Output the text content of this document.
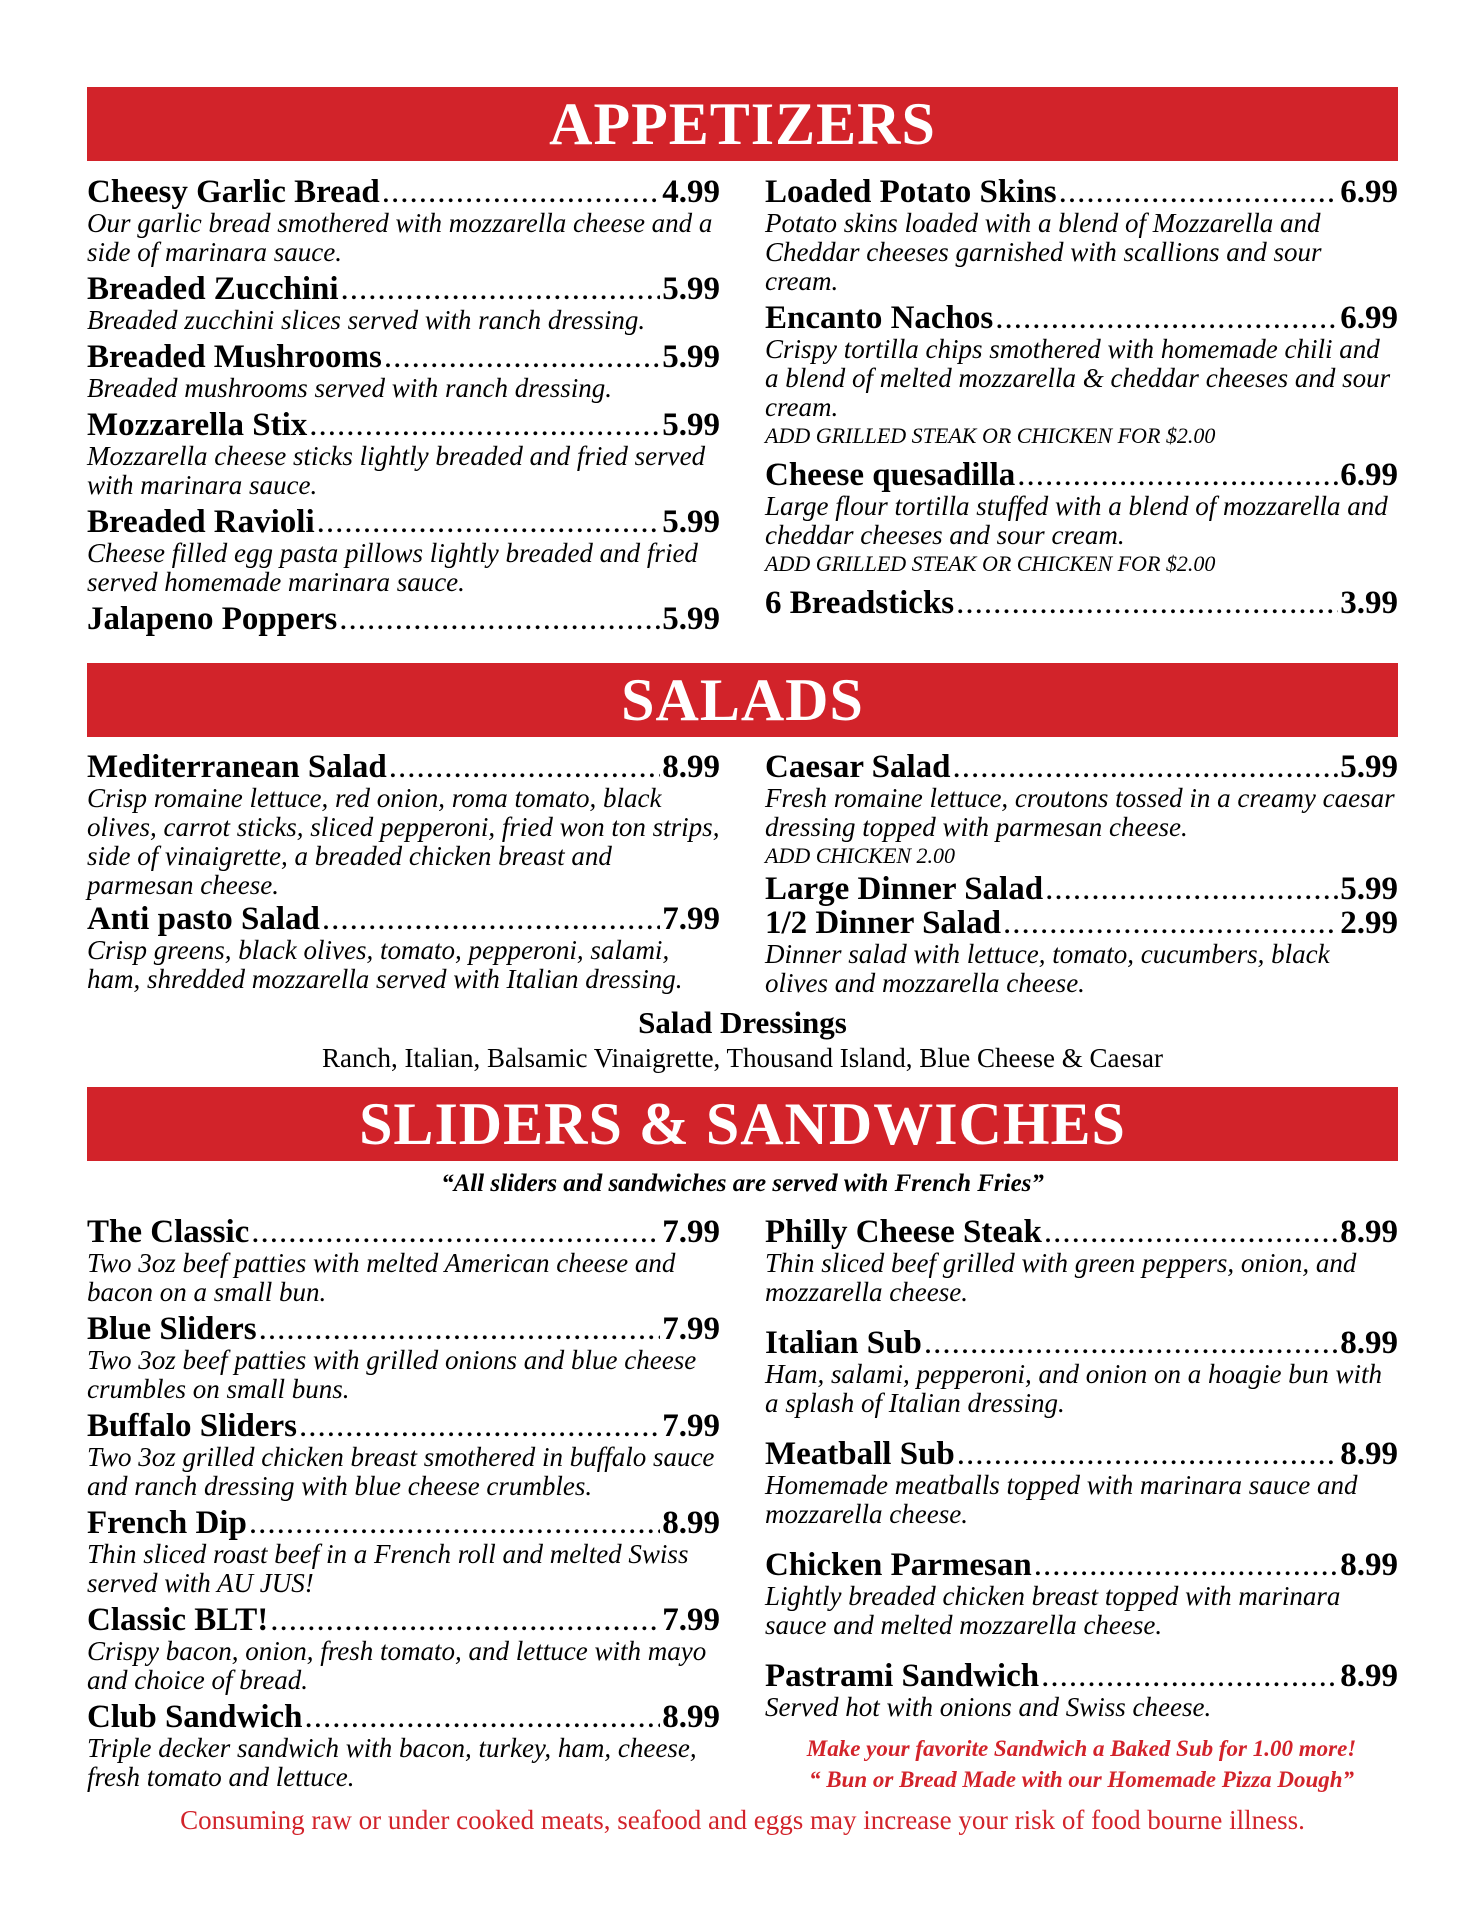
APPETIZERS
Cheesy Garlic Bread .....	4.99
Our garlic bread smothered with mozzarella cheese and a side of marinara sauce.
Breaded Zucchini .....	5.99
Breaded zucchini slices served with ranch dressing.
Breaded Mushrooms .....	5.99
Breaded mushrooms served with ranch dressing.
Mozzarella Stix .....	5.99
Mozzarella cheese sticks lightly breaded and fried served with marinara sauce.
Breaded Ravioli .....	5.99
Cheese filled egg pasta pillows lightly breaded and fried served homemade marinara sauce.
Jalapeno Poppers .....	5.99
Loaded Potato Skins .....	6.99
Potato skins loaded with a blend of Mozzarella and Cheddar cheeses garnished with scallions and sour cream.
Encanto Nachos .....	6.99
Crispy tortilla chips smothered with homemade chili and a blend of melted mozzarella & cheddar cheeses and sour cream.
ADD GRILLED STEAK OR CHICKEN FOR $2.00
Cheese quesadilla .....	6.99
Large flour tortilla stuffed with a blend of mozzarella and cheddar cheeses and sour cream.
ADD GRILLED STEAK OR CHICKEN FOR $2.00
6 Breadsticks .....	3.99
SALADS
Mediterranean Salad .....	8.99
Crisp romaine lettuce, red onion, roma tomato, black olives, carrot sticks, sliced pepperoni, fried won ton strips, side of vinaigrette, a breaded chicken breast and parmesan cheese.
Anti pasto Salad .....	7.99
Crisp greens, black olives, tomato, pepperoni, salami, ham, shredded mozzarella served with Italian dressing.
Caesar Salad .....	5.99
Fresh romaine lettuce, croutons tossed in a creamy caesar dressing topped with parmesan cheese.
ADD CHICKEN 2.00
Large Dinner Salad .....	5.99
1/2 Dinner Salad .....	2.99
Dinner salad with lettuce, tomato, cucumbers, black olives and mozzarella cheese.
Salad Dressings
Ranch, Italian, Balsamic Vinaigrette, Thousand Island, Blue Cheese & Caesar
SLIDERS & SANDWICHES
“All sliders and sandwiches are served with French Fries”
The Classic .....	7.99
Two 3oz beef patties with melted American cheese and bacon on a small bun.
Blue Sliders .....	7.99
Two 3oz beef patties with grilled onions and blue cheese crumbles on small buns.
Buffalo Sliders .....	7.99
Two 3oz grilled chicken breast smothered in buffalo sauce and ranch dressing with blue cheese crumbles.
French Dip .....	8.99
Thin sliced roast beef in a French roll and melted Swiss served with AU JUS!
Classic BLT! .....	7.99
Crispy bacon, onion, fresh tomato, and lettuce with mayo and choice of bread.
Club Sandwich .....	8.99
Triple decker sandwich with bacon, turkey, ham, cheese, fresh tomato and lettuce.
Philly Cheese Steak .....	8.99
Thin sliced beef grilled with green peppers, onion, and mozzarella cheese.
Italian Sub .....	8.99
Ham, salami, pepperoni, and onion on a hoagie bun with a splash of Italian dressing.
Meatball Sub .....	8.99
Homemade meatballs topped with marinara sauce and mozzarella cheese.
Chicken Parmesan .....	8.99
Lightly breaded chicken breast topped with marinara sauce and melted mozzarella cheese.
Pastrami Sandwich .....	8.99
Served hot with onions and Swiss cheese.
Make your favorite Sandwich a Baked Sub for 1.00 more!
“ Bun or Bread Made with our Homemade Pizza Dough”
Consuming raw or under cooked meats, seafood and eggs may increase your risk of food bourne illness.
